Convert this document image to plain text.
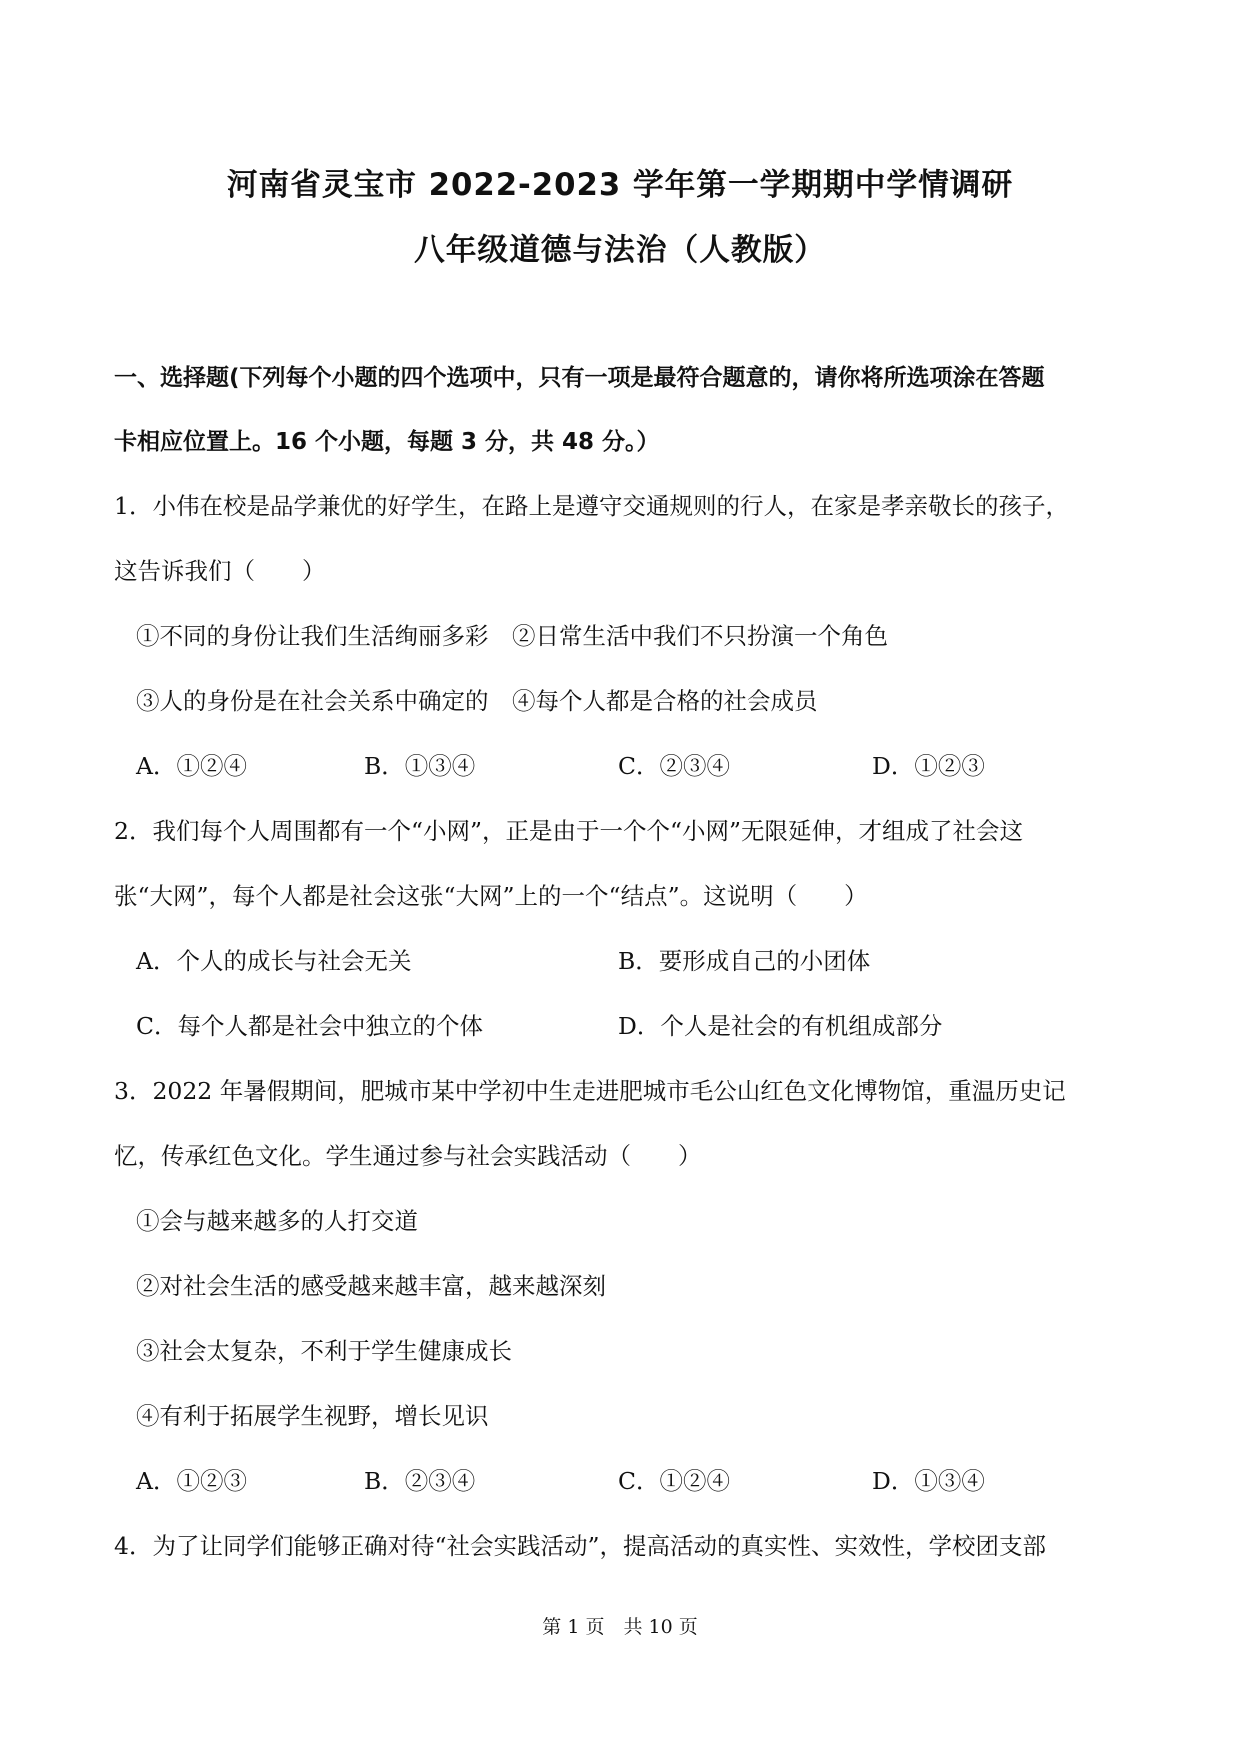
河南省灵宝市 2022-2023 学年第一学期期中学情调研
八年级道德与法治（人教版）
一、选择题(下列每个小题的四个选项中，只有一项是最符合题意的，请你将所选项涂在答题
卡相应位置上。16 个小题，每题 3 分，共 48 分。）
1．小伟在校是品学兼优的好学生，在路上是遵守交通规则的行人，在家是孝亲敬长的孩子，
这告诉我们（　　）
①不同的身份让我们生活绚丽多彩　②日常生活中我们不只扮演一个角色
③人的身份是在社会关系中确定的　④每个人都是合格的社会成员
A．①②④	B．①③④	C．②③④	D．①②③
2．我们每个人周围都有一个“小网”，正是由于一个个“小网”无限延伸，才组成了社会这
张“大网”，每个人都是社会这张“大网”上的一个“结点”。这说明（　　）
A．个人的成长与社会无关	B．要形成自己的小团体
C．每个人都是社会中独立的个体	D．个人是社会的有机组成部分
3．2022 年暑假期间，肥城市某中学初中生走进肥城市毛公山红色文化博物馆，重温历史记
忆，传承红色文化。学生通过参与社会实践活动（　　）
①会与越来越多的人打交道
②对社会生活的感受越来越丰富，越来越深刻
③社会太复杂，不利于学生健康成长
④有利于拓展学生视野，增长见识
A．①②③	B．②③④	C．①②④	D．①③④
4．为了让同学们能够正确对待“社会实践活动”，提高活动的真实性、实效性，学校团支部
第 1 页　共 10 页
